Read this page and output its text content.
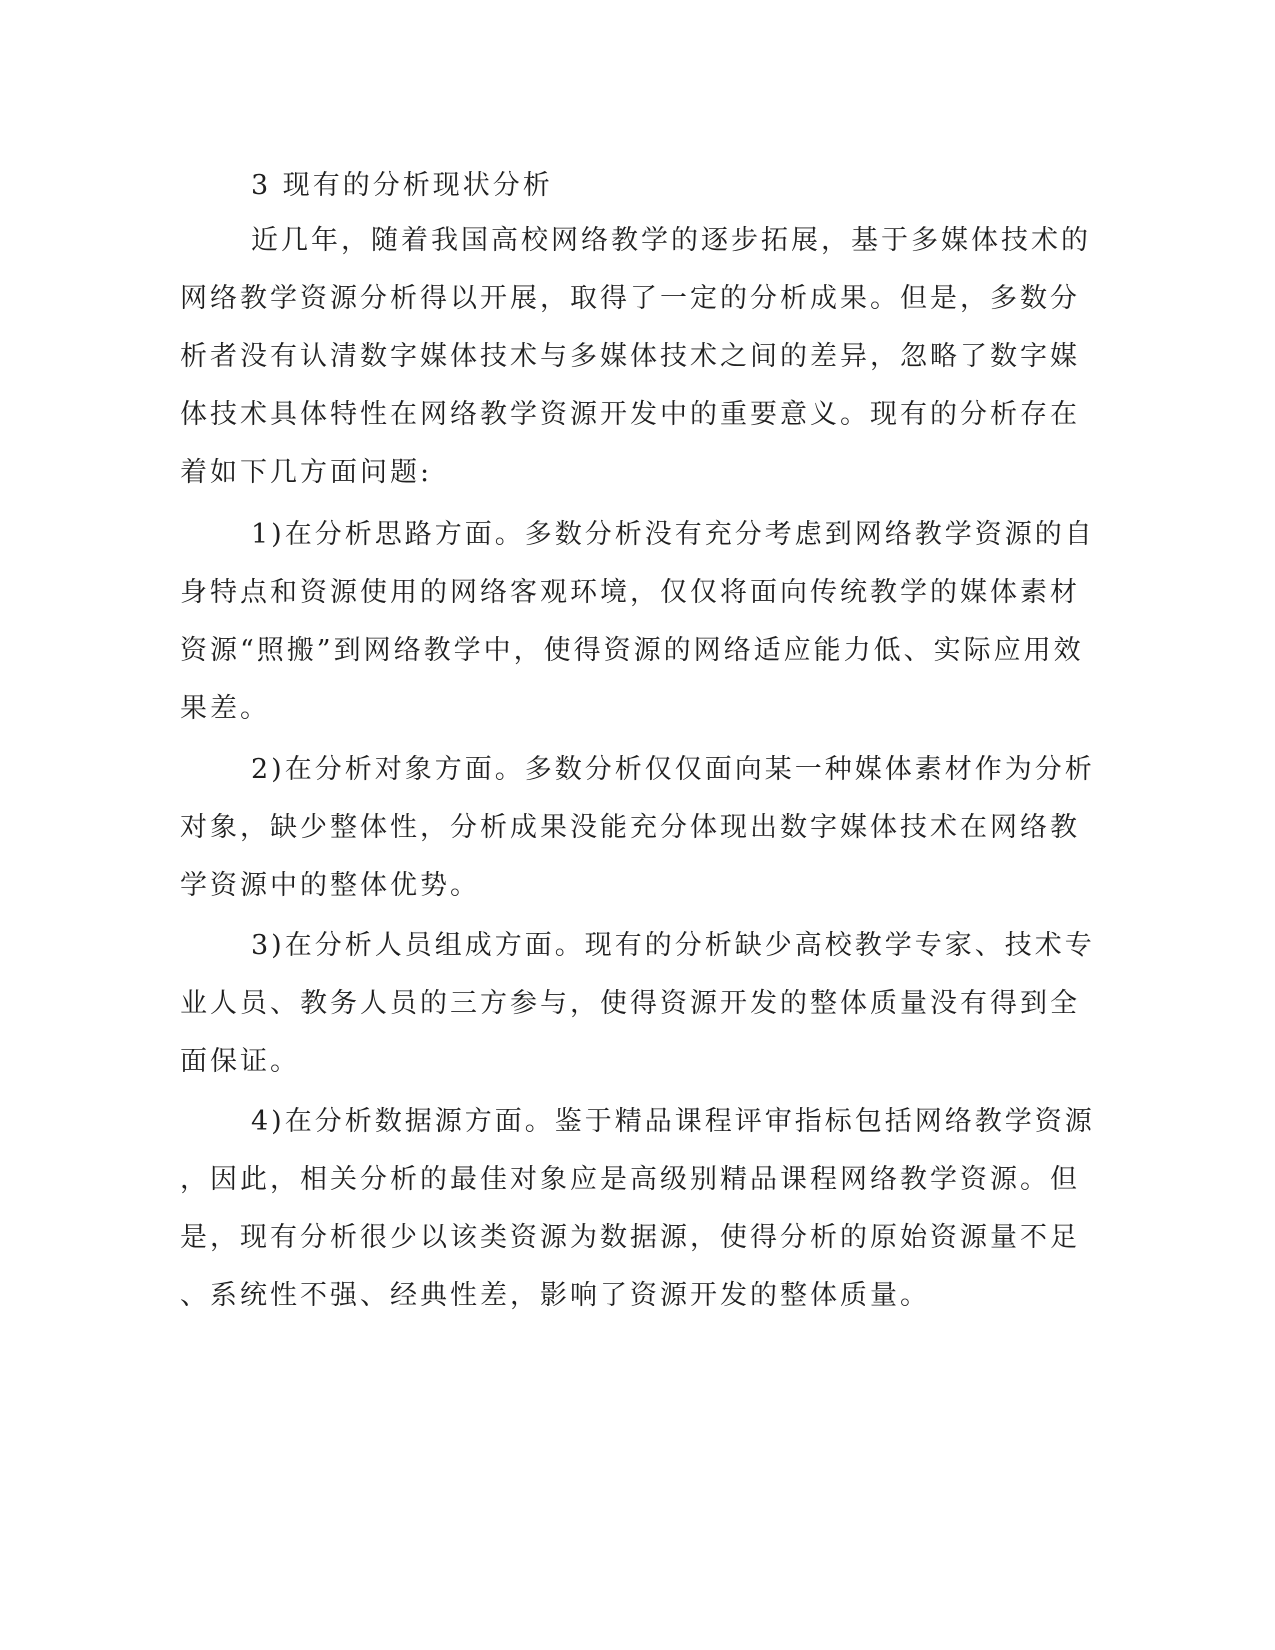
3 现有的分析现状分析
近几年，随着我国高校网络教学的逐步拓展，基于多媒体技术的
网络教学资源分析得以开展，取得了一定的分析成果。但是，多数分
析者没有认清数字媒体技术与多媒体技术之间的差异，忽略了数字媒
体技术具体特性在网络教学资源开发中的重要意义。现有的分析存在
着如下几方面问题:
1)在分析思路方面。多数分析没有充分考虑到网络教学资源的自
身特点和资源使用的网络客观环境，仅仅将面向传统教学的媒体素材
资源“照搬”到网络教学中，使得资源的网络适应能力低、实际应用效
果差。
2)在分析对象方面。多数分析仅仅面向某一种媒体素材作为分析
对象，缺少整体性，分析成果没能充分体现出数字媒体技术在网络教
学资源中的整体优势。
3)在分析人员组成方面。现有的分析缺少高校教学专家、技术专
业人员、教务人员的三方参与，使得资源开发的整体质量没有得到全
面保证。
4)在分析数据源方面。鉴于精品课程评审指标包括网络教学资源
，因此，相关分析的最佳对象应是高级别精品课程网络教学资源。但
是，现有分析很少以该类资源为数据源，使得分析的原始资源量不足
、系统性不强、经典性差，影响了资源开发的整体质量。
